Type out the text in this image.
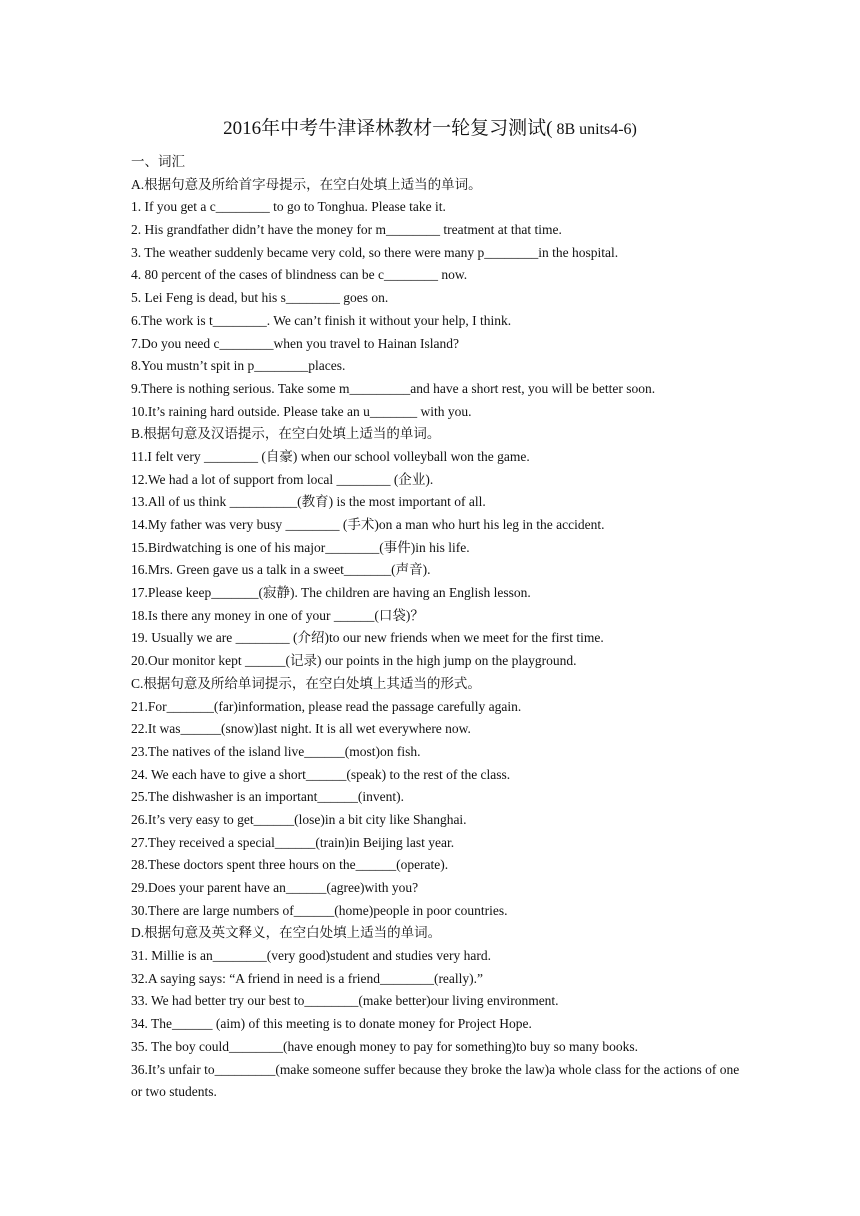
2016年中考牛津译林教材一轮复习测试( 8B units4-6)
一、词汇
A.根据句意及所给首字母提示，在空白处填上适当的单词。
1. If you get a c________ to go to Tonghua. Please take it.
2. His grandfather didn’t have the money for m________ treatment at that time.
3. The weather suddenly became very cold, so there were many p________in the hospital.
4. 80 percent of the cases of blindness can be c________ now.
5. Lei Feng is dead, but his s________ goes on.
6.The work is t________. We can’t finish it without your help, I think.
7.Do you need c________when you travel to Hainan Island?
8.You mustn’t spit in p________places.
9.There is nothing serious. Take some m_________and have a short rest, you will be better soon.
10.It’s raining hard outside. Please take an u_______ with you.
B.根据句意及汉语提示，在空白处填上适当的单词。
11.I felt very ________ (自豪) when our school volleyball won the game.
12.We had a lot of support from local ________ (企业).
13.All of us think __________(教育) is the most important of all.
14.My father was very busy ________ (手术)on a man who hurt his leg in the accident.
15.Birdwatching is one of his major________(事件)in his life.
16.Mrs. Green gave us a talk in a sweet_______(声音).
17.Please keep_______(寂静). The children are having an English lesson.
18.Is there any money in one of your ______(口袋)？
19. Usually we are ________ (介绍)to our new friends when we meet for the first time.
20.Our monitor kept ______(记录) our points in the high jump on the playground.
C.根据句意及所给单词提示，在空白处填上其适当的形式。
21.For_______(far)information, please read the passage carefully again.
22.It was______(snow)last night. It is all wet everywhere now.
23.The natives of the island live______(most)on fish.
24. We each have to give a short______(speak) to the rest of the class.
25.The dishwasher is an important______(invent).
26.It’s very easy to get______(lose)in a bit city like Shanghai.
27.They received a special______(train)in Beijing last year.
28.These doctors spent three hours on the______(operate).
29.Does your parent have an______(agree)with you?
30.There are large numbers of______(home)people in poor countries.
D.根据句意及英文释义，在空白处填上适当的单词。
31. Millie is an________(very good)student and studies very hard.
32.A saying says: “A friend in need is a friend________(really).”
33. We had better try our best to________(make better)our living environment.
34. The______ (aim) of this meeting is to donate money for Project Hope.
35. The boy could________(have enough money to pay for something)to buy so many books.
36.It’s unfair to_________(make someone suffer because they broke the law)a whole class for the actions of one or two students.
